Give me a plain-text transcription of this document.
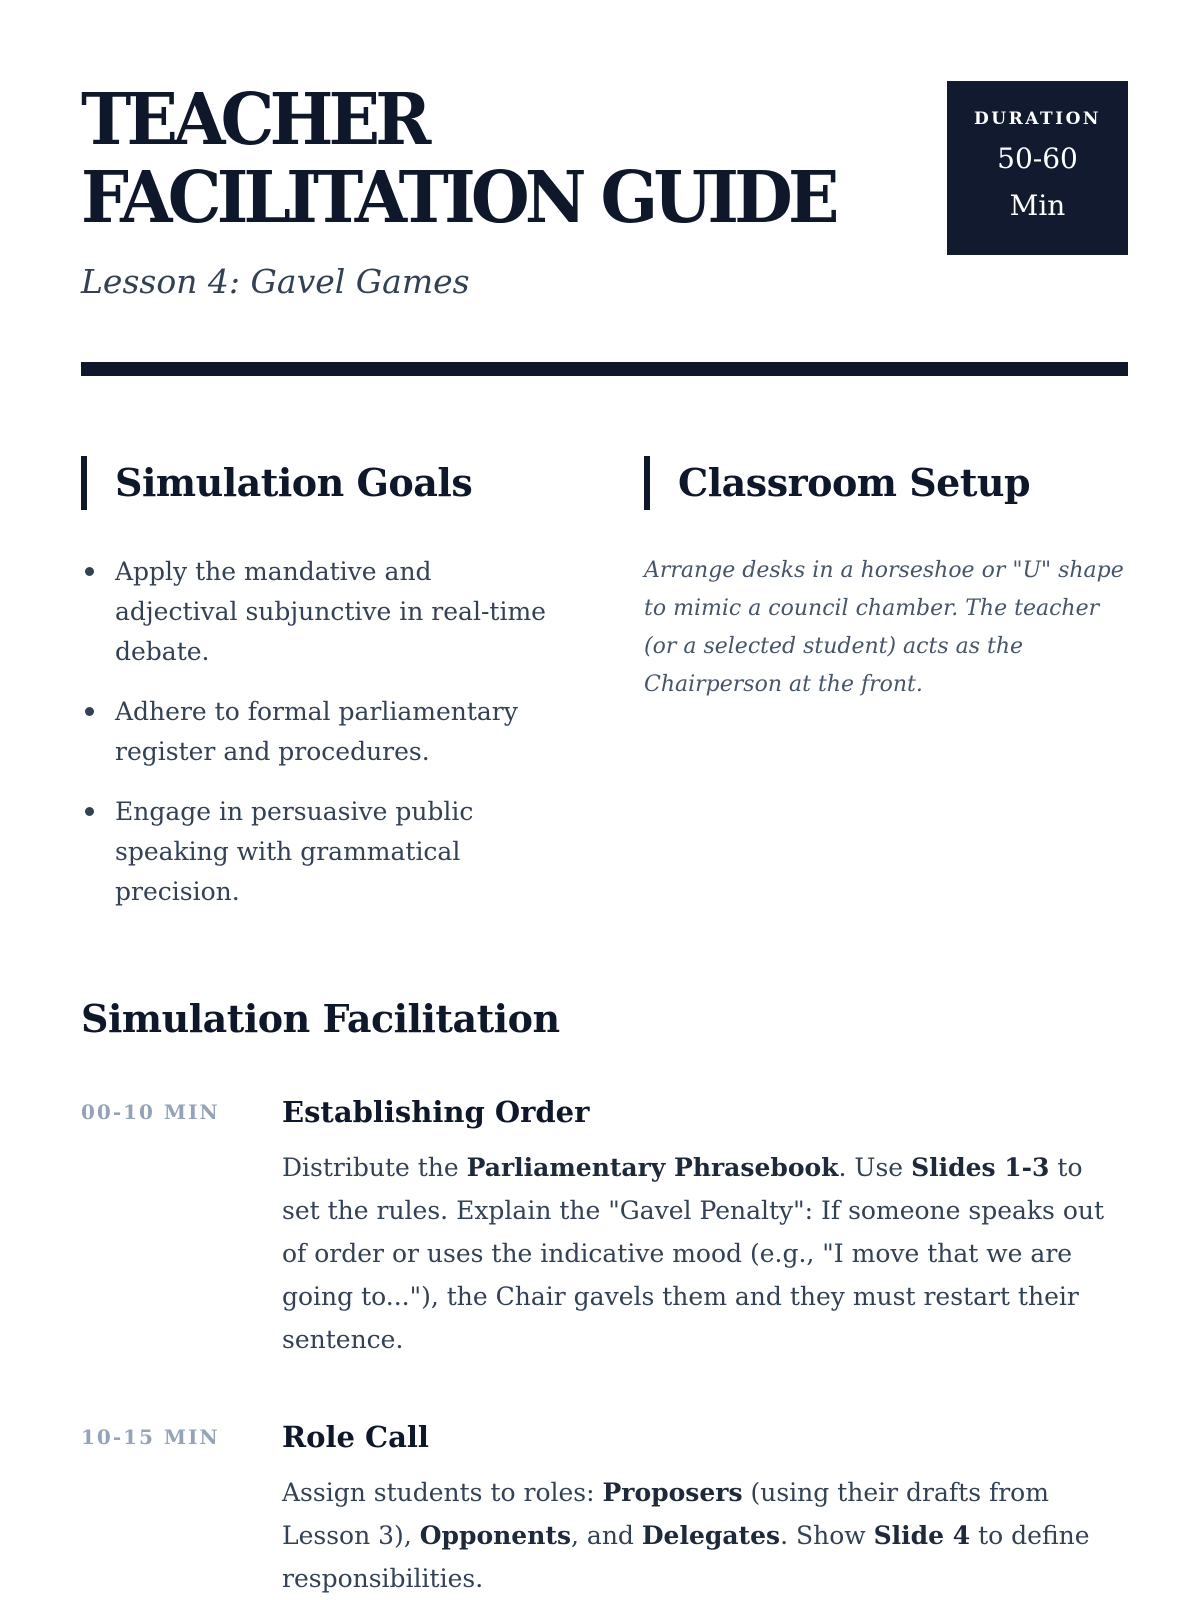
TEACHER
FACILITATION GUIDE
Lesson 4: Gavel Games
DURATION
50-60 Min
Simulation Goals
Apply the mandative and adjectival subjunctive in real-time debate.
Adhere to formal parliamentary register and procedures.
Engage in persuasive public speaking with grammatical precision.
Classroom Setup

Arrange desks in a horseshoe or "U" shape to mimic a council chamber. The teacher (or a selected student) acts as the Chairperson at the front.

Simulation Facilitation
00-10 MIN Establishing Order

Distribute the Parliamentary Phrasebook. Use Slides 1-3 to set the rules. Explain the "Gavel Penalty": If someone speaks out of order or uses the indicative mood (e.g., "I move that we are going to..."), the Chair gavels them and they must restart their sentence.

10-15 MIN Role Call

Assign students to roles: Proposers (using their drafts from Lesson 3), Opponents, and Delegates. Show Slide 4 to define responsibilities.
